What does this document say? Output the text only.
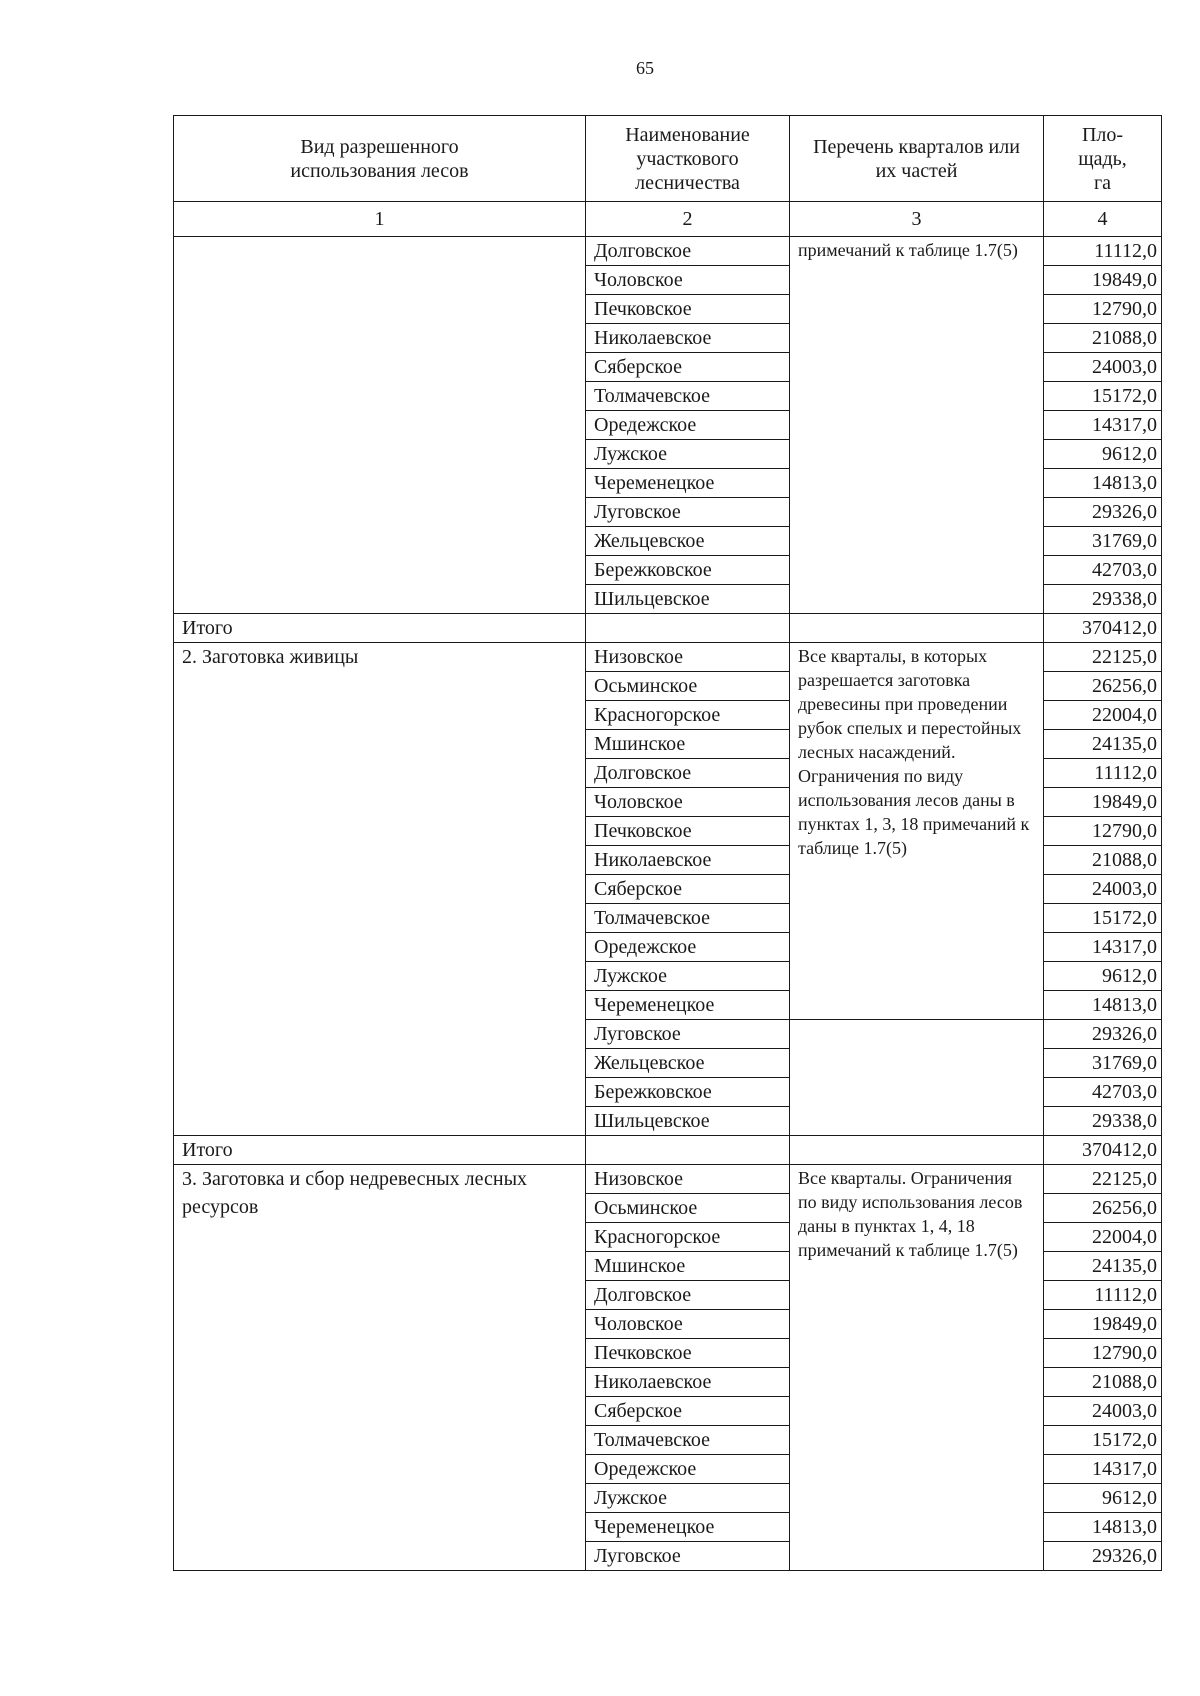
65
Вид разрешенного использования лесов	Наименование участкового лесничества	Перечень кварталов или их частей	Пло-
щадь,
га
1	2	3	4
	Долговское	примечаний к таблице 1.7(5)	11112,0
	Чоловское		19849,0
	Печковское		12790,0
	Николаевское		21088,0
	Сяберское		24003,0
	Толмачевское		15172,0
	Оредежское		14317,0
	Лужское		9612,0
	Череменецкое		14813,0
	Луговское		29326,0
	Жельцевское		31769,0
	Бережковское		42703,0
	Шильцевское		29338,0
Итого			370412,0
2. Заготовка живицы	Низовское	Все кварталы, в которых разрешается заготовка древесины при проведении рубок спелых и перестойных лесных насаждений. Ограничения по виду использования лесов даны в пунктах 1, 3, 18 примечаний к таблице 1.7(5)	22125,0
	Осьминское		26256,0
	Красногорское		22004,0
	Мшинское		24135,0
	Долговское		11112,0
	Чоловское		19849,0
	Печковское		12790,0
	Николаевское		21088,0
	Сяберское		24003,0
	Толмачевское		15172,0
	Оредежское		14317,0
	Лужское		9612,0
	Череменецкое		14813,0
	Луговское		29326,0
	Жельцевское		31769,0
	Бережковское		42703,0
	Шильцевское		29338,0
Итого			370412,0
3. Заготовка и сбор недревесных лесных ресурсов	Низовское	Все кварталы. Ограничения по виду использования лесов даны в пунктах 1, 4, 18 примечаний к таблице 1.7(5)	22125,0
	Осьминское		26256,0
	Красногорское		22004,0
	Мшинское		24135,0
	Долговское		11112,0
	Чоловское		19849,0
	Печковское		12790,0
	Николаевское		21088,0
	Сяберское		24003,0
	Толмачевское		15172,0
	Оредежское		14317,0
	Лужское		9612,0
	Череменецкое		14813,0
	Луговское		29326,0
